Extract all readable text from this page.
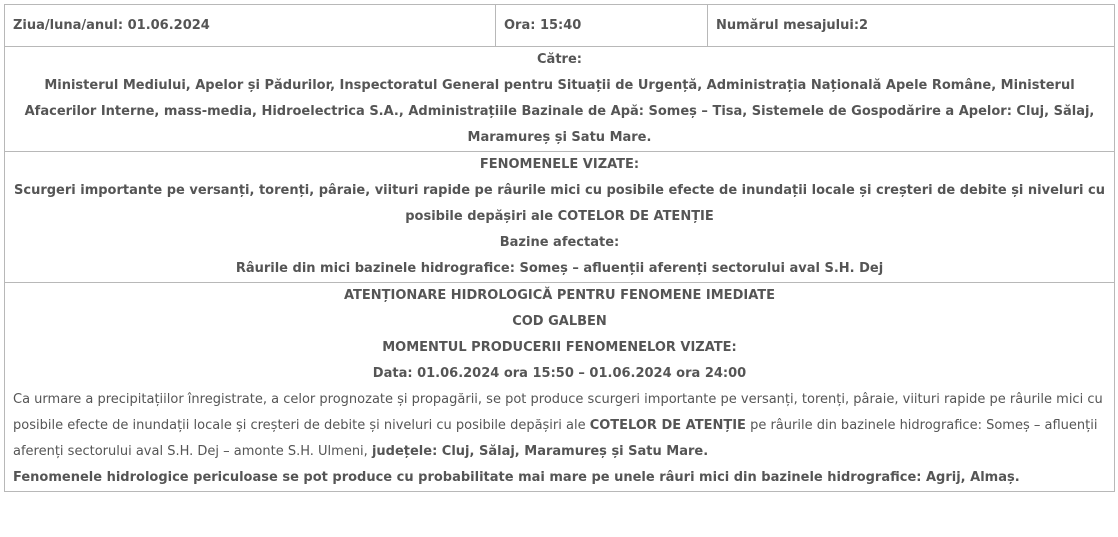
Ziua/luna/anul: 01.06.2024	Ora: 15:40	Numărul mesajului:2

Către:
Ministerul Mediului, Apelor și Pădurilor, Inspectoratul General pentru Situații de Urgență, Administrația Națională Apele Române, Ministerul Afacerilor Interne, mass-media, Hidroelectrica S.A., Administrațiile Bazinale de Apă: Someș – Tisa, Sistemele de Gospodărire a Apelor: Cluj, Sălaj, Maramureș și Satu Mare.

FENOMENELE VIZATE:
Scurgeri importante pe versanți, torenți, pâraie, viituri rapide pe râurile mici cu posibile efecte de inundații locale și creșteri de debite și niveluri cu posibile depășiri ale COTELOR DE ATENȚIE
Bazine afectate:
Râurile din mici bazinele hidrografice: Someș – afluenții aferenți sectorului aval S.H. Dej

ATENȚIONARE HIDROLOGICĂ PENTRU FENOMENE IMEDIATE
COD GALBEN
MOMENTUL PRODUCERII FENOMENELOR VIZATE:
Data: 01.06.2024 ora 15:50 – 01.06.2024 ora 24:00
Ca urmare a precipitațiilor înregistrate, a celor prognozate și propagării, se pot produce scurgeri importante pe versanți, torenți, pâraie, viituri rapide pe râurile mici cu posibile efecte de inundații locale și creșteri de debite și niveluri cu posibile depășiri ale COTELOR DE ATENȚIE pe râurile din bazinele hidrografice: Someș – afluenții aferenți sectorului aval S.H. Dej – amonte S.H. Ulmeni, județele: Cluj, Sălaj, Maramureș și Satu Mare.
Fenomenele hidrologice periculoase se pot produce cu probabilitate mai mare pe unele râuri mici din bazinele hidrografice: Agrij, Almaș.
